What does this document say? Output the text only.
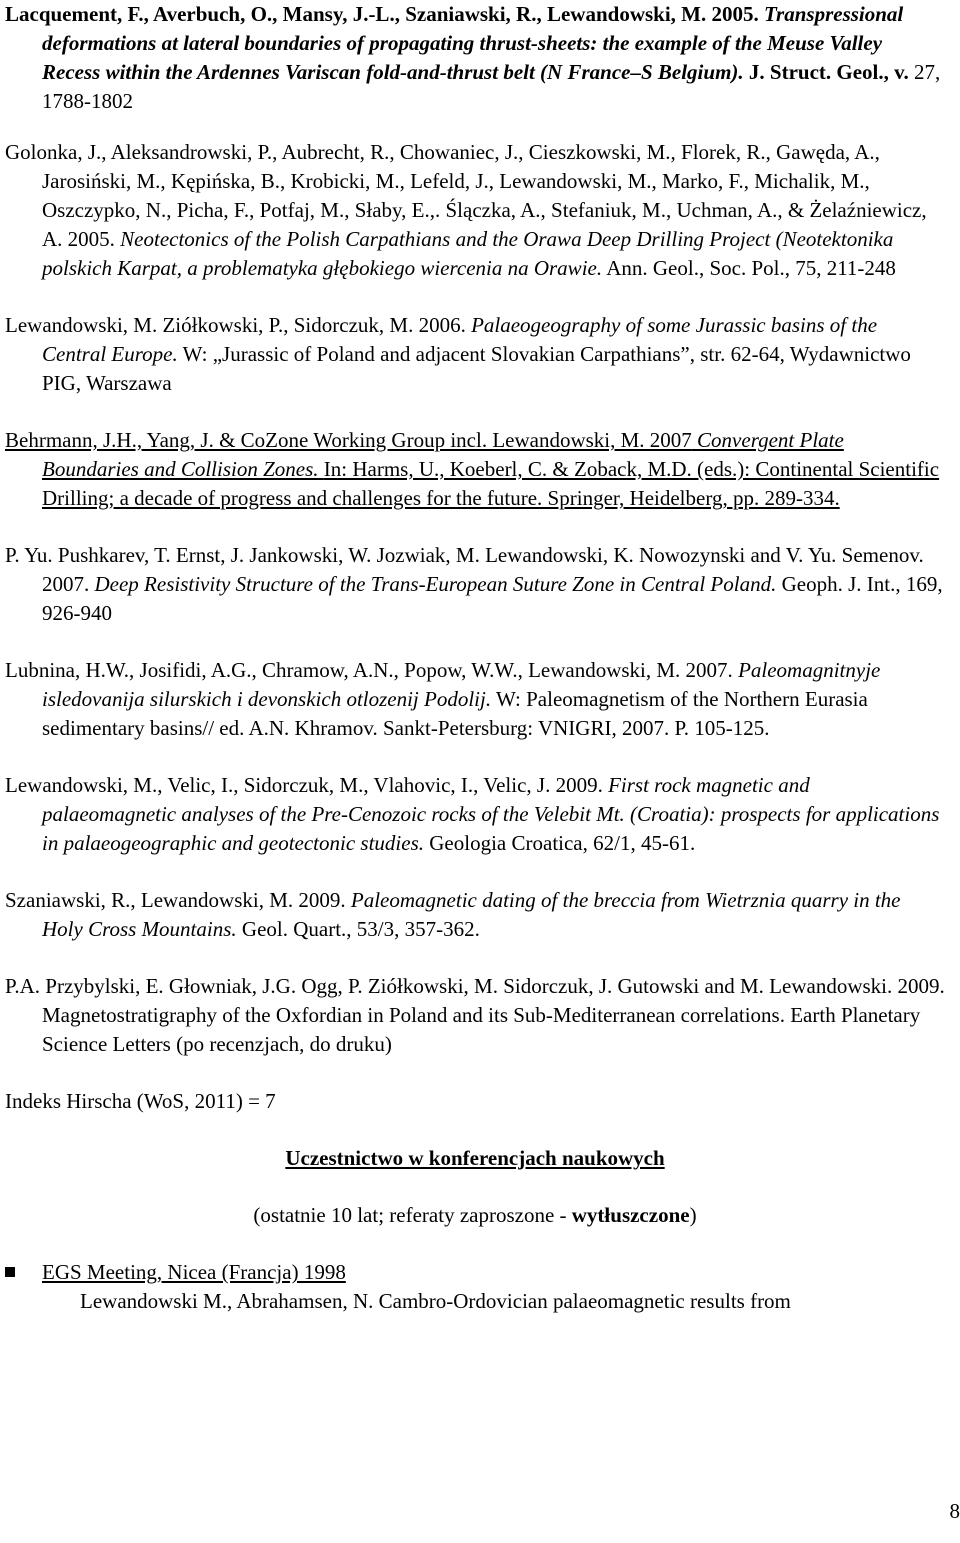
Lacquement, F., Averbuch, O., Mansy, J.-L., Szaniawski, R., Lewandowski, M. 2005. Transpressional deformations at lateral boundaries of propagating thrust-sheets: the example of the Meuse Valley Recess within the Ardennes Variscan fold-and-thrust belt (N France–S Belgium). J. Struct. Geol., v. 27, 1788-1802

Golonka, J., Aleksandrowski, P., Aubrecht, R., Chowaniec, J., Cieszkowski, M., Florek, R., Gawęda, A., Jarosiński, M., Kępińska, B., Krobicki, M., Lefeld, J., Lewandowski, M., Marko, F., Michalik, M., Oszczypko, N., Picha, F., Potfaj, M., Słaby, E.,. Ślączka, A., Stefaniuk, M., Uchman, A., & Żelaźniewicz, A. 2005. Neotectonics of the Polish Carpathians and the Orawa Deep Drilling Project (Neotektonika polskich Karpat, a problematyka głębokiego wiercenia na Orawie. Ann. Geol., Soc. Pol., 75, 211-248

Lewandowski, M. Ziółkowski, P., Sidorczuk, M. 2006. Palaeogeography of some Jurassic basins of the Central Europe. W: „Jurassic of Poland and adjacent Slovakian Carpathians”, str. 62-64, Wydawnictwo PIG, Warszawa

Behrmann, J.H., Yang, J. & CoZone Working Group incl. Lewandowski, M. 2007 Convergent Plate Boundaries and Collision Zones. In: Harms, U., Koeberl, C. & Zoback, M.D. (eds.): Continental Scientific Drilling; a decade of progress and challenges for the future. Springer, Heidelberg, pp. 289-334.

P. Yu. Pushkarev, T. Ernst, J. Jankowski, W. Jozwiak, M. Lewandowski, K. Nowozynski and V. Yu. Semenov. 2007. Deep Resistivity Structure of the Trans-European Suture Zone in Central Poland. Geoph. J. Int., 169, 926-940

Lubnina, H.W., Josifidi, A.G., Chramow, A.N., Popow, W.W., Lewandowski, M. 2007. Paleomagnitnyje isledovanija silurskich i devonskich otlozenij Podolij. W: Paleomagnetism of the Northern Eurasia sedimentary basins// ed. A.N. Khramov. Sankt-Petersburg: VNIGRI, 2007. P. 105-125.

Lewandowski, M., Velic, I., Sidorczuk, M., Vlahovic, I., Velic, J. 2009. First rock magnetic and palaeomagnetic analyses of the Pre-Cenozoic rocks of the Velebit Mt. (Croatia): prospects for applications in palaeogeographic and geotectonic studies. Geologia Croatica, 62/1, 45-61.

Szaniawski, R., Lewandowski, M. 2009. Paleomagnetic dating of the breccia from Wietrznia quarry in the Holy Cross Mountains. Geol. Quart., 53/3, 357-362.

P.A. Przybylski, E. Głowniak, J.G. Ogg, P. Ziółkowski, M. Sidorczuk, J. Gutowski and M. Lewandowski. 2009. Magnetostratigraphy of the Oxfordian in Poland and its Sub-Mediterranean correlations. Earth Planetary Science Letters (po recenzjach, do druku)

Indeks Hirscha (WoS, 2011) = 7

Uczestnictwo w konferencjach naukowych

(ostatnie 10 lat; referaty zaproszone - wytłuszczone)

EGS Meeting, Nicea (Francja) 1998

Lewandowski M., Abrahamsen, N. Cambro-Ordovician palaeomagnetic results from

8
